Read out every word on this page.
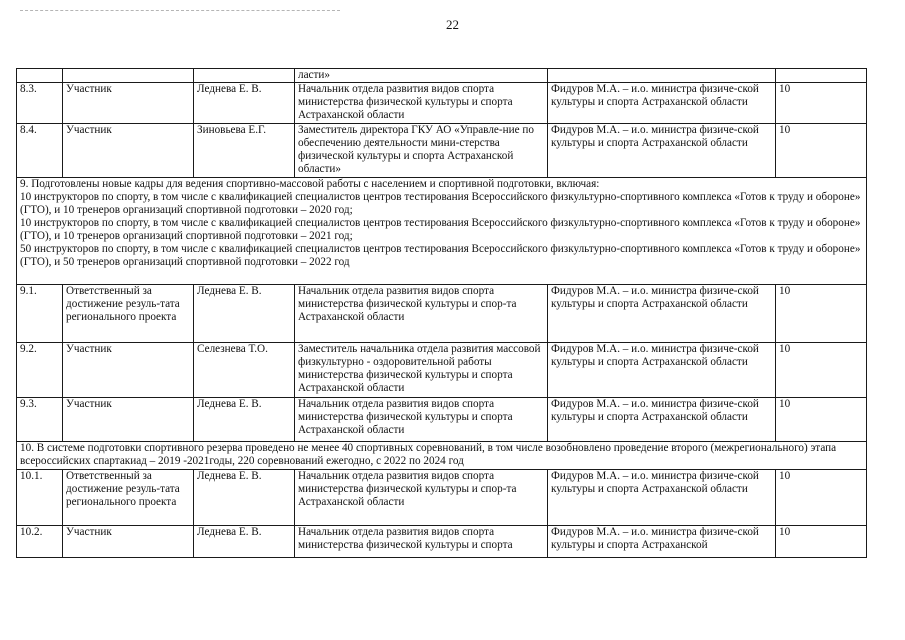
22
			ласти»		
8.3.	Участник	Леднева Е. В.	Начальник отдела развития видов спорта министерства физической культуры и спорта Астраханской области	Фидуров М.А. – и.о. министра физиче-ской культуры и спорта Астраханской области	10
8.4.	Участник	Зиновьева Е.Г.	Заместитель директора ГКУ АО «Управле-ние по обеспечению деятельности мини-стерства физической культуры и спорта Астраханской области»	Фидуров М.А. – и.о. министра физиче-ской культуры и спорта Астраханской области	10

9. Подготовлены новые кадры для ведения спортивно-массовой работы с населением и спортивной подготовки, включая:
10 инструкторов по спорту, в том числе с квалификацией специалистов центров тестирования Всероссийского физкультурно-спортивного комплекса «Готов к труду и обороне» (ГТО), и 10 тренеров организаций спортивной подготовки – 2020 год;
10 инструкторов по спорту, в том числе с квалификацией специалистов центров тестирования Всероссийского физкультурно-спортивного комплекса «Готов к труду и обороне» (ГТО), и 10 тренеров организаций спортивной подготовки – 2021 год;
50 инструкторов по спорту, в том числе с квалификацией специалистов центров тестирования Всероссийского физкультурно-спортивного комплекса «Готов к труду и обороне» (ГТО), и 50 тренеров организаций спортивной подготовки – 2022 год					

9.1.	Ответственный за достижение резуль-тата регионального проекта	Леднева Е. В.	Начальник отдела развития видов спорта министерства физической культуры и спор-та Астраханской области	Фидуров М.А. – и.о. министра физиче-ской культуры и спорта Астраханской области	10
9.2.	Участник	Селезнева Т.О.	Заместитель начальника отдела развития массовой физкультурно - оздоровительной работы министерства физической культуры и спорта Астраханской области	Фидуров М.А. – и.о. министра физиче-ской культуры и спорта Астраханской области	10
9.3.	Участник	Леднева Е. В.	Начальник отдела развития видов спорта министерства физической культуры и спорта Астраханской области	Фидуров М.А. – и.о. министра физиче-ской культуры и спорта Астраханской области	10

10. В системе подготовки спортивного резерва проведено не менее 40 спортивных соревнований, в том числе возобновлено проведение второго (межрегионального) этапа всероссийских спартакиад – 2019 -2021годы, 220 соревнований ежегодно, с 2022 по 2024 год					

10.1.	Ответственный за достижение резуль-тата регионального проекта	Леднева Е. В.	Начальник отдела развития видов спорта министерства физической культуры и спор-та Астраханской области	Фидуров М.А. – и.о. министра физиче-ской культуры и спорта Астраханской области	10
10.2.	Участник	Леднева Е. В.	Начальник отдела развития видов спорта министерства физической культуры и спорта	Фидуров М.А. – и.о. министра физиче-ской культуры и спорта Астраханской	10
